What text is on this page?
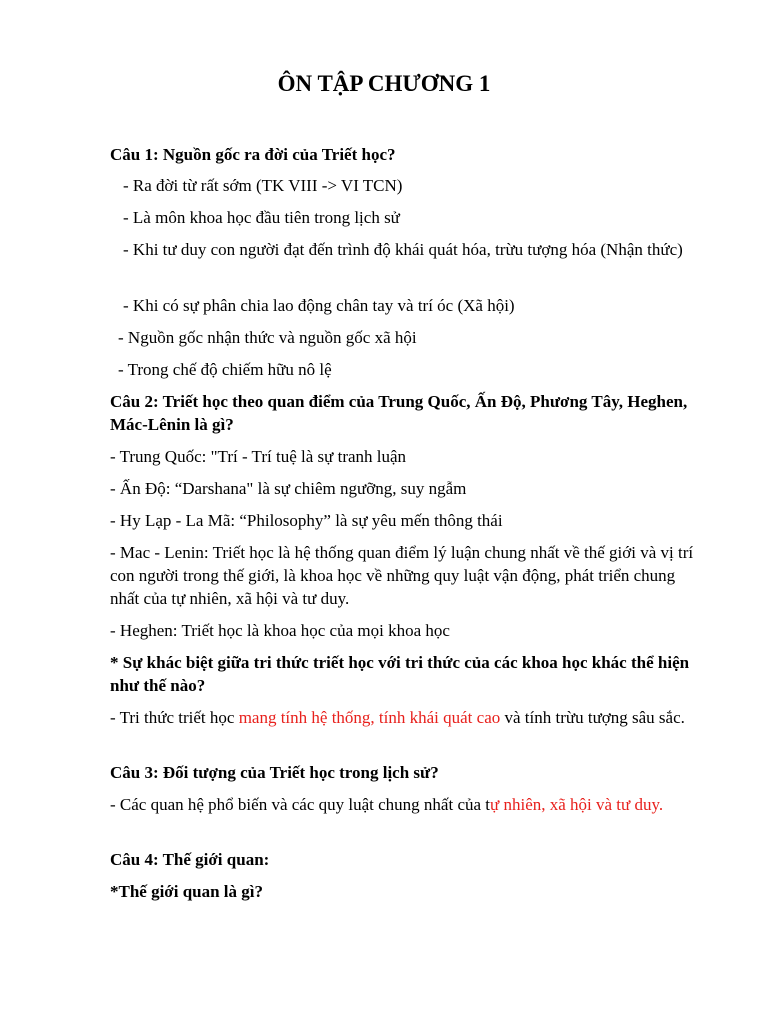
ÔN TẬP CHƯƠNG 1

Câu 1: Nguồn gốc ra đời của Triết học?

- Ra đời từ rất sớm (TK VIII -> VI TCN)

- Là môn khoa học đầu tiên trong lịch sử

- Khi tư duy con người đạt đến trình độ khái quát hóa, trừu tượng hóa (Nhận thức)

- Khi có sự phân chia lao động chân tay và trí óc (Xã hội)

- Nguồn gốc nhận thức và nguồn gốc xã hội

- Trong chế độ chiếm hữu nô lệ

Câu 2: Triết học theo quan điểm của Trung Quốc, Ấn Độ, Phương Tây, Heghen, Mác-Lênin là gì?

- Trung Quốc: "Trí - Trí tuệ là sự tranh luận

- Ấn Độ: “Darshana" là sự chiêm ngưỡng, suy ngẫm

- Hy Lạp - La Mã: “Philosophy” là sự yêu mến thông thái

- Mac - Lenin: Triết học là hệ thống quan điểm lý luận chung nhất về thế giới và vị trí con người trong thế giới, là khoa học về những quy luật vận động, phát triển chung nhất của tự nhiên, xã hội và tư duy.

- Heghen: Triết học là khoa học của mọi khoa học

* Sự khác biệt giữa tri thức triết học với tri thức của các khoa học khác thể hiện như thế nào?

- Tri thức triết học mang tính hệ thống, tính khái quát cao và tính trừu tượng sâu sắc.

Câu 3: Đối tượng của Triết học trong lịch sử?

- Các quan hệ phổ biến và các quy luật chung nhất của tự nhiên, xã hội và tư duy.

Câu 4: Thế giới quan:

*Thế giới quan là gì?
